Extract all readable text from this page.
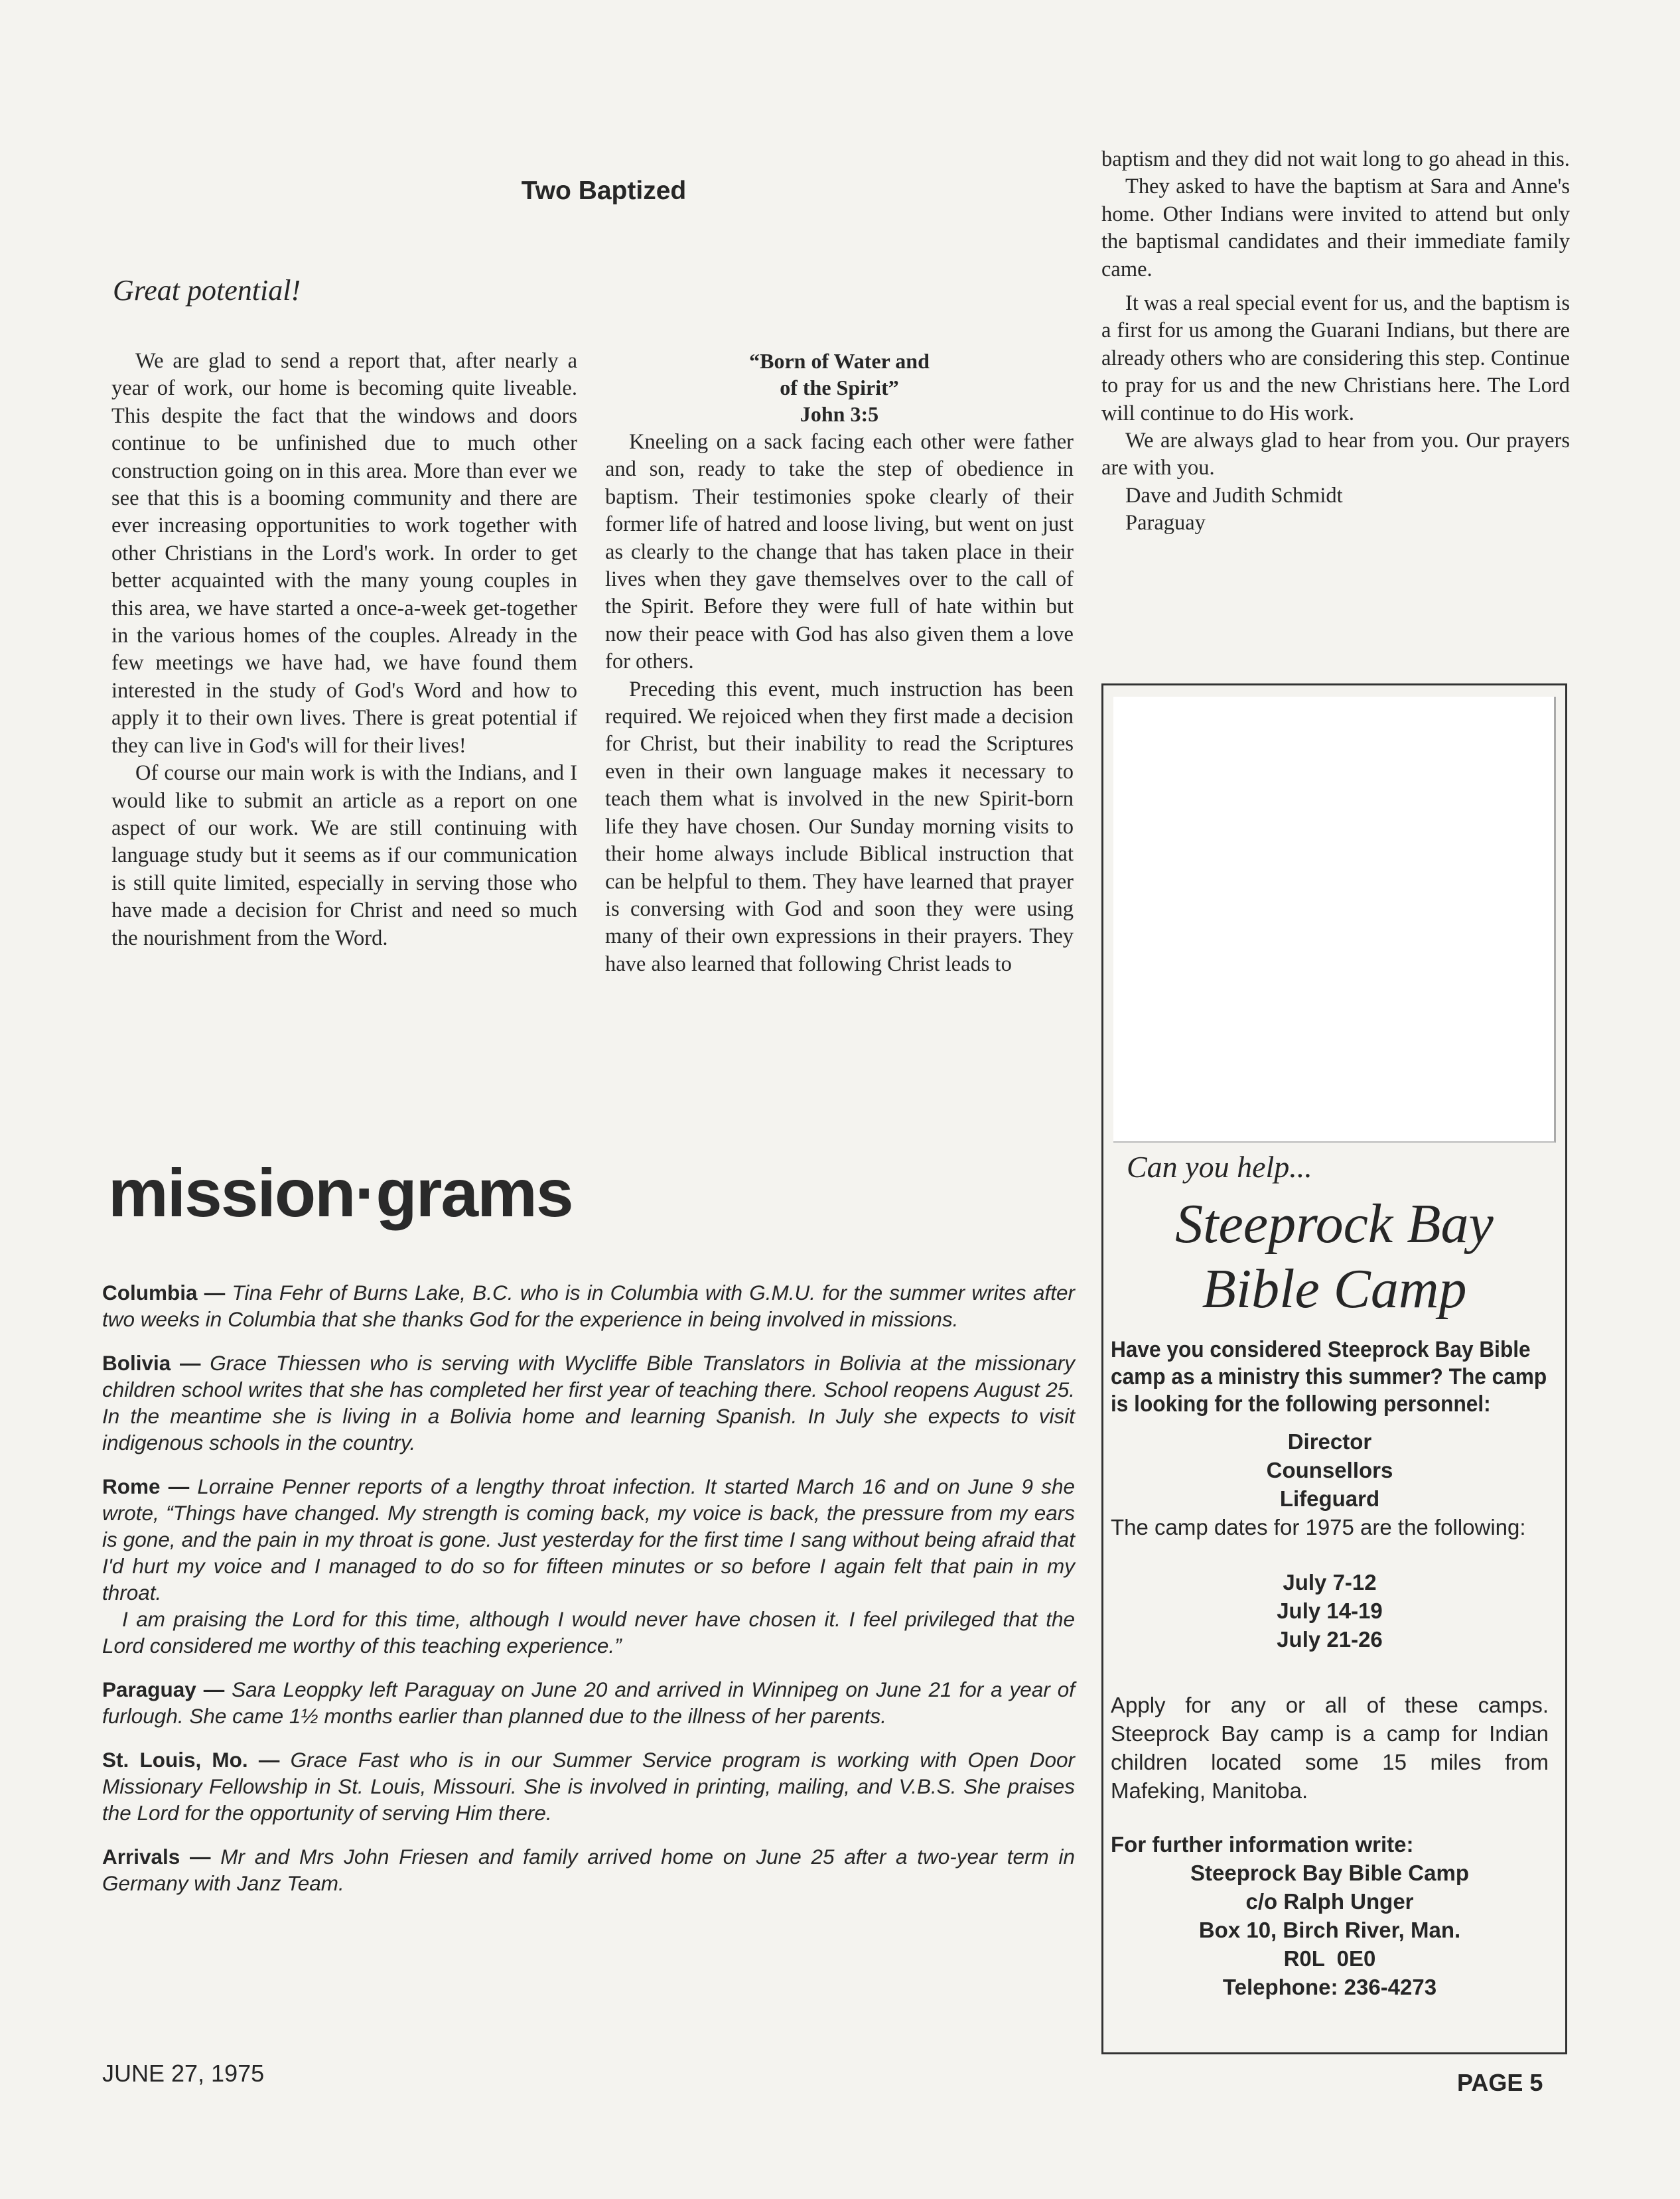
Two Baptized
Great potential!

We are glad to send a report that, after nearly a year of work, our home is becoming quite liveable. This despite the fact that the windows and doors continue to be unfinished due to much other construction going on in this area. More than ever we see that this is a booming community and there are ever increasing opportunities to work together with other Christians in the Lord's work. In order to get better acquainted with the many young couples in this area, we have started a once-a-week get-together in the various homes of the couples. Already in the few meetings we have had, we have found them interested in the study of God's Word and how to apply it to their own lives. There is great potential if they can live in God's will for their lives!

Of course our main work is with the Indians, and I would like to submit an article as a report on one aspect of our work. We are still continuing with language study but it seems as if our communication is still quite limited, especially in serving those who have made a decision for Christ and need so much the nourishment from the Word.

“Born of Water and
of the Spirit”
John 3:5

Kneeling on a sack facing each other were father and son, ready to take the step of obedience in baptism. Their testimonies spoke clearly of their former life of hatred and loose living, but went on just as clearly to the change that has taken place in their lives when they gave themselves over to the call of the Spirit. Before they were full of hate within but now their peace with God has also given them a love for others.

Preceding this event, much instruction has been required. We rejoiced when they first made a decision for Christ, but their inability to read the Scriptures even in their own language makes it necessary to teach them what is involved in the new Spirit-born life they have chosen. Our Sunday morning visits to their home always include Biblical instruction that can be helpful to them. They have learned that prayer is conversing with God and soon they were using many of their own expressions in their prayers. They have also learned that following Christ leads to

baptism and they did not wait long to go ahead in this.

They asked to have the baptism at Sara and Anne's home. Other Indians were invited to attend but only the baptismal candidates and their immediate family came.

It was a real special event for us, and the baptism is a first for us among the Guarani Indians, but there are already others who are considering this step. Continue to pray for us and the new Christians here. The Lord will continue to do His work.

We are always glad to hear from you. Our prayers are with you.

Dave and Judith Schmidt
Paraguay
mission·grams
Columbia — Tina Fehr of Burns Lake, B.C. who is in Columbia with G.M.U. for the summer writes after two weeks in Columbia that she thanks God for the experience in being involved in missions.
Bolivia — Grace Thiessen who is serving with Wycliffe Bible Translators in Bolivia at the missionary children school writes that she has completed her first year of teaching there. School reopens August 25. In the meantime she is living in a Bolivia home and learning Spanish. In July she expects to visit indigenous schools in the country.
Rome — Lorraine Penner reports of a lengthy throat infection. It started March 16 and on June 9 she wrote, “Things have changed. My strength is coming back, my voice is back, the pressure from my ears is gone, and the pain in my throat is gone. Just yesterday for the first time I sang without being afraid that I'd hurt my voice and I managed to do so for fifteen minutes or so before I again felt that pain in my throat.
I am praising the Lord for this time, although I would never have chosen it. I feel privileged that the Lord considered me worthy of this teaching experience.”
Paraguay — Sara Leoppky left Paraguay on June 20 and arrived in Winnipeg on June 21 for a year of furlough. She came 1½ months earlier than planned due to the illness of her parents.
St. Louis, Mo. — Grace Fast who is in our Summer Service program is working with Open Door Missionary Fellowship in St. Louis, Missouri. She is involved in printing, mailing, and V.B.S. She praises the Lord for the opportunity of serving Him there.
Arrivals — Mr and Mrs John Friesen and family arrived home on June 25 after a two-year term in Germany with Janz Team.
Can you help...
Steeprock Bay
Bible Camp
Have you considered Steeprock Bay Bible camp as a ministry this summer? The camp is looking for the following personnel:
Director
Counsellors
Lifeguard
The camp dates for 1975 are the following:
July 7-12
July 14-19
July 21-26
Apply for any or all of these camps. Steeprock Bay camp is a camp for Indian children located some 15 miles from Mafeking, Manitoba.
For further information write:
Steeprock Bay Bible Camp
c/o Ralph Unger
Box 10, Birch River, Man.
R0L  0E0
Telephone: 236-4273
JUNE 27, 1975	PAGE 5
